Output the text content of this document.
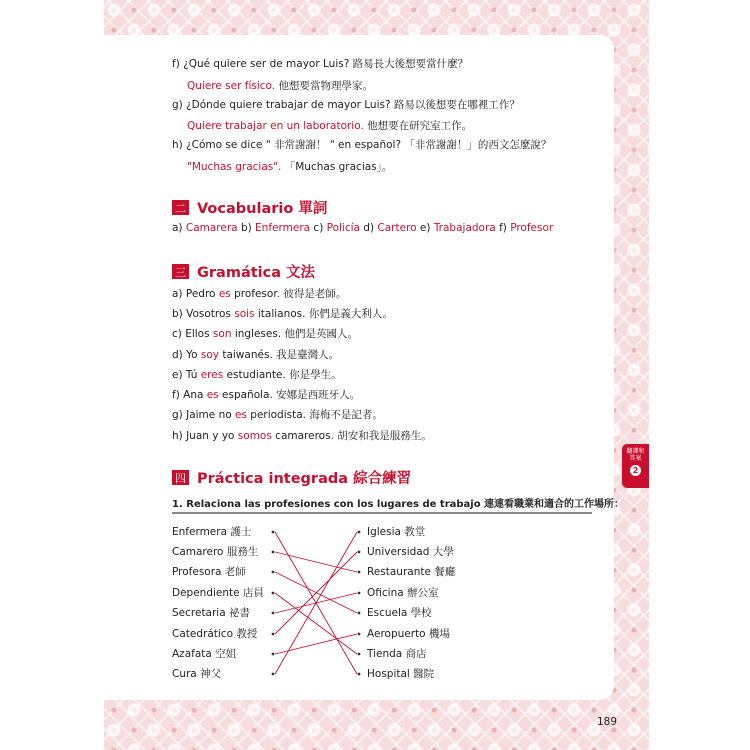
f) ¿Qué quiere ser de mayor Luis? 路易長大後想要當什麼？
Quiere ser físico. 他想要當物理學家。
g) ¿Dónde quiere trabajar de mayor Luis? 路易以後想要在哪裡工作？
Quiere trabajar en un laboratorio. 他想要在研究室工作。
h) ¿Cómo se dice " 非常謝謝！ " en español? 「非常謝謝！」的西文怎麼說？
"Muchas gracias". 「Muchas gracias」。
二 Vocabulario 單詞
a) Camarera b) Enfermera c) Policía d) Cartero e) Trabajadora f) Profesor
三 Gramática 文法
a) Pedro es profesor. 彼得是老師。
b) Vosotros sois italianos. 你們是義大利人。
c) Ellos son ingleses. 他們是英國人。
d) Yo soy taiwanés. 我是臺灣人。
e) Tú eres estudiante. 你是學生。
f) Ana es española. 安娜是西班牙人。
g) Jaime no es periodista. 海梅不是記者。
h) Juan y yo somos camareros. 胡安和我是服務生。
四 Práctica integrada 綜合練習
1. Relaciona las profesiones con los lugares de trabajo 連連看職業和適合的工作場所：
Enfermera 護士
Camarero 服務生
Profesora 老師
Dependiente 店員
Secretaria 祕書
Catedrático 教授
Azafata 空姐
Cura 神父
Iglesia 教堂
Universidad 大學
Restaurante 餐廳
Oficina 辦公室
Escuela 學校
Aeropuerto 機場
Tienda 商店
Hospital 醫院
翻譯和答案
2
189
